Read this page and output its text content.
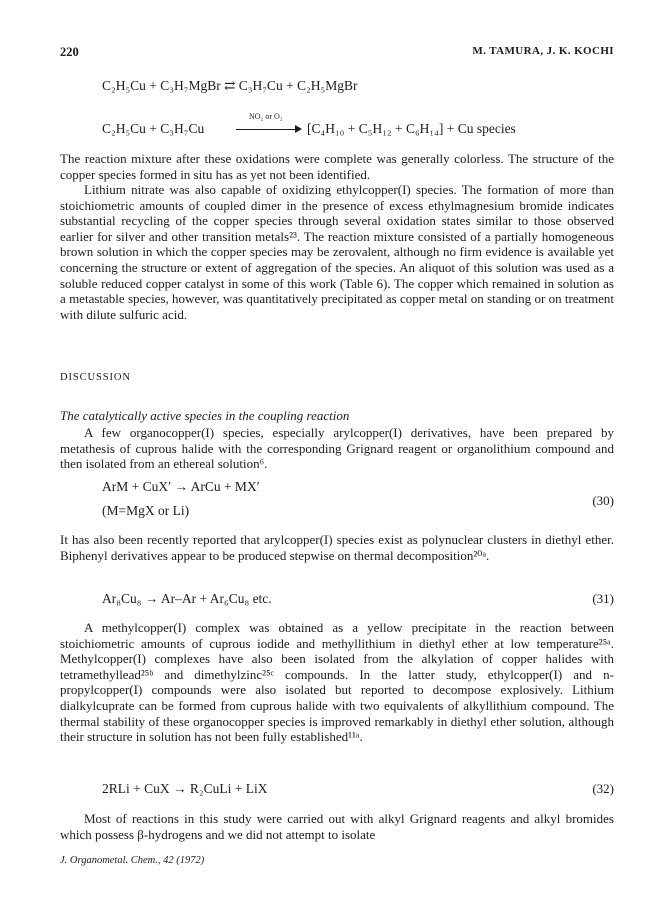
220	M. TAMURA, J. K. KOCHI
C₂H₅Cu + C₃H₇MgBr ⇄ C₃H₇Cu + C₂H₅MgBr
C₂H₅Cu + C₃H₇Cu
NO₂ or O₂
[C₄H₁₀ + C₅H₁₂ + C₆H₁₄] + Cu species

The reaction mixture after these oxidations were complete was generally colorless. The structure of the copper species formed in situ has as yet not been identified.

Lithium nitrate was also capable of oxidizing ethylcopper(I) species. The formation of more than stoichiometric amounts of coupled dimer in the presence of excess ethylmagnesium bromide indicates substantial recycling of the copper species through several oxidation states similar to those observed earlier for silver and other transition metals²³. The reaction mixture consisted of a partially homogeneous brown solution in which the copper species may be zerovalent, although no firm evidence is available yet concerning the structure or extent of aggregation of the species. An aliquot of this solution was used as a soluble reduced copper catalyst in some of this work (Table 6). The copper which remained in solution as a metastable species, however, was quantitatively precipitated as copper metal on standing or on treatment with dilute sulfuric acid.

DISCUSSION
The catalytically active species in the coupling reaction

A few organocopper(I) species, especially arylcopper(I) derivatives, have been prepared by metathesis of cuprous halide with the corresponding Grignard reagent or organolithium compound and then isolated from an ethereal solution⁶.

ArM + CuX′ → ArCu + MX′
(M=MgX or Li)
(30)

It has also been recently reported that arylcopper(I) species exist as polynuclear clusters in diethyl ether. Biphenyl derivatives appear to be produced stepwise on thermal decomposition²⁰ᵃ.

Ar₈Cu₈ → Ar–Ar + Ar₆Cu₈ etc.	(31)

A methylcopper(I) complex was obtained as a yellow precipitate in the reaction between stoichiometric amounts of cuprous iodide and methyllithium in diethyl ether at low temperature²⁵ᵃ. Methylcopper(I) complexes have also been isolated from the alkylation of copper halides with tetramethyllead²⁵ᵇ and dimethylzinc²⁵ᶜ compounds. In the latter study, ethylcopper(I) and n-propylcopper(I) compounds were also isolated but reported to decompose explosively. Lithium dialkylcuprate can be formed from cuprous halide with two equivalents of alkyllithium compound. The thermal stability of these organocopper species is improved remarkably in diethyl ether solution, although their structure in solution has not been fully established¹¹ᵃ.

2RLi + CuX → R₂CuLi + LiX	(32)

Most of reactions in this study were carried out with alkyl Grignard reagents and alkyl bromides which possess β-hydrogens and we did not attempt to isolate

J. Organometal. Chem., 42 (1972)
